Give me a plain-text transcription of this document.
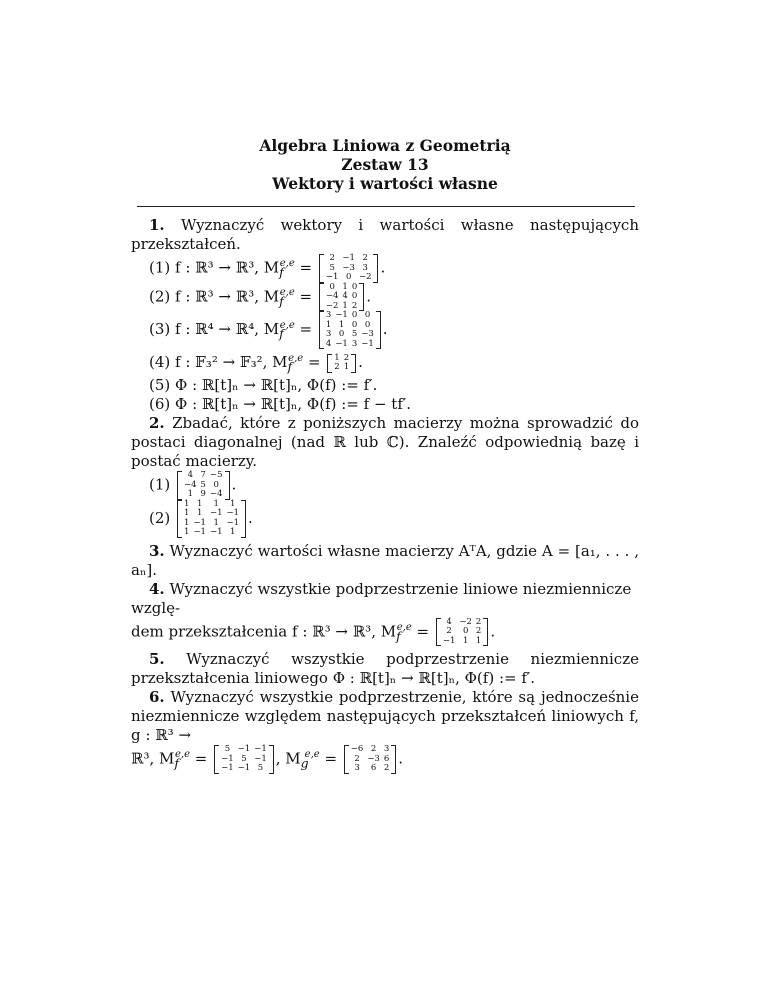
Algebra Liniowa z Geometrią
Zestaw 13
Wektory i wartości własne

1. Wyznaczyć wektory i wartości własne następujących przekształceń.

(1) f : ℝ³ → ℝ³, $M_f^{e,e}$ =
2	−1	2
5	−3	3
−1	0	−2
.

(2) f : ℝ³ → ℝ³, $M_f^{e,e}$ =
0	1	0
−4	4	0
−2	1	2
.

(3) f : ℝ⁴ → ℝ⁴, $M_f^{e,e}$ =
3	−1	0	0
1	1	0	0
3	0	5	−3
4	−1	3	−1
.

(4) f : 𝔽₃² → 𝔽₃², $M_f^{e,e} = 1$	2
2	1 .

(5) Φ : ℝ[t]ₙ → ℝ[t]ₙ, Φ(f) := f′.

(6) Φ : ℝ[t]ₙ → ℝ[t]ₙ, Φ(f) := f − tf′.

2. Zbadać, które z poniższych macierzy można sprowadzić do postaci diagonalnej (nad ℝ lub ℂ). Znaleźć odpowiednią bazę i postać macierzy.

(1)
4	7	−5
−4	5	0
1	9	−4
.

(2)
1	1	1	1
1	1	−1	−1
1	−1	1	−1
1	−1	−1	1
.

3. Wyznaczyć wartości własne macierzy AᵀA, gdzie A = [a₁, . . . , aₙ].

4. Wyznaczyć wszystkie podprzestrzenie liniowe niezmiennicze wzglę-

dem przekształcenia f : ℝ³ → ℝ³, $M_f^{e,e}$ =
4	−2	2
2	0	2
−1	1	1
.

5. Wyznaczyć wszystkie podprzestrzenie niezmiennicze przekształcenia liniowego Φ : ℝ[t]ₙ → ℝ[t]ₙ, Φ(f) := f′.

6. Wyznaczyć wszystkie podprzestrzenie, które są jednocześnie niezmiennicze względem następujących przekształceń liniowych f, g : ℝ³ →

ℝ³, $M_f^{e,e}$ =
5	−1	−1
−1	5	−1
−1	−1	5
, $M_g^{e,e}$ =
−6	2	3
2	−3	6
3	6	2
.
